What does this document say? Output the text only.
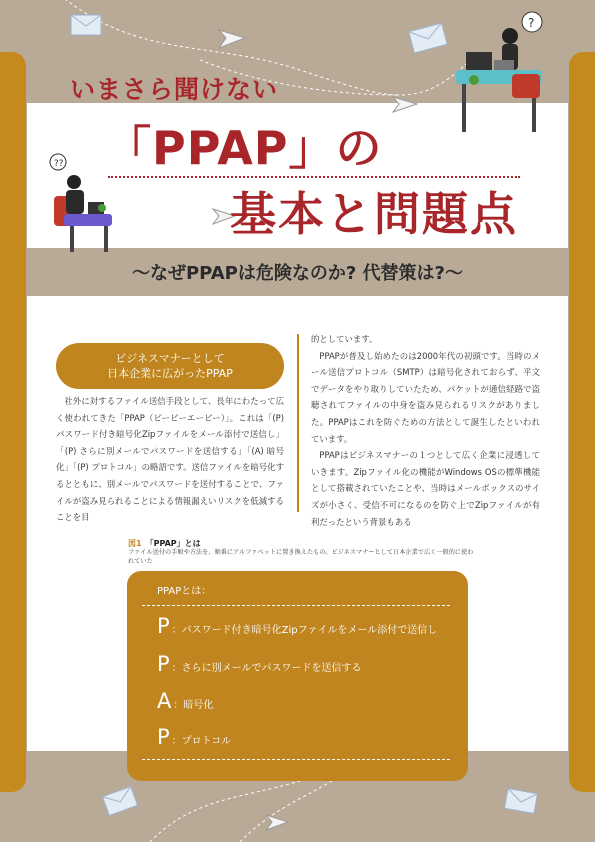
?
??
いまさら聞けない
「PPAP」の
基本と問題点
〜なぜPPAPは危険なのか? 代替策は?〜
ビジネスマナーとして
日本企業に広がったPPAP
社外に対するファイル送信手段として、長年にわたって広く使われてきた「PPAP（ピーピーエーピー）」。これは「(P) パスワード付き暗号化Zipファイルをメール添付で送信し」「(P) さらに別メールでパスワードを送信する」「(A) 暗号化」「(P) プロトコル」の略語です。送信ファイルを暗号化するとともに、別メールでパスワードを送付することで、ファイルが盗み見られることによる情報漏えいリスクを低減することを目

的としています。

PPAPが普及し始めたのは2000年代の初頭です。当時のメール送信プロトコル（SMTP）は暗号化されておらず、平文でデータをやり取りしていたため、パケットが通信経路で盗聴されてファイルの中身を盗み見られるリスクがありました。PPAPはこれを防ぐための方法として誕生したといわれています。

PPAPはビジネスマナーの１つとして広く企業に浸透していきます。Zipファイル化の機能がWindows OSの標準機能として搭載されていたことや、当時はメールボックスのサイズが小さく、受信不可になるのを防ぐ上でZipファイルが有利だったという背景もある

図1 「PPAP」とは
ファイル送付の手順や方法を、順番にアルファベットに置き換えたもの。ビジネスマナーとして日本企業で広く一般的に使われていた
PPAPとは：
P ：パスワード付き暗号化Zipファイルをメール添付で送信し
P ：さらに別メールでパスワードを送信する
A ：暗号化
P ：プロトコル
